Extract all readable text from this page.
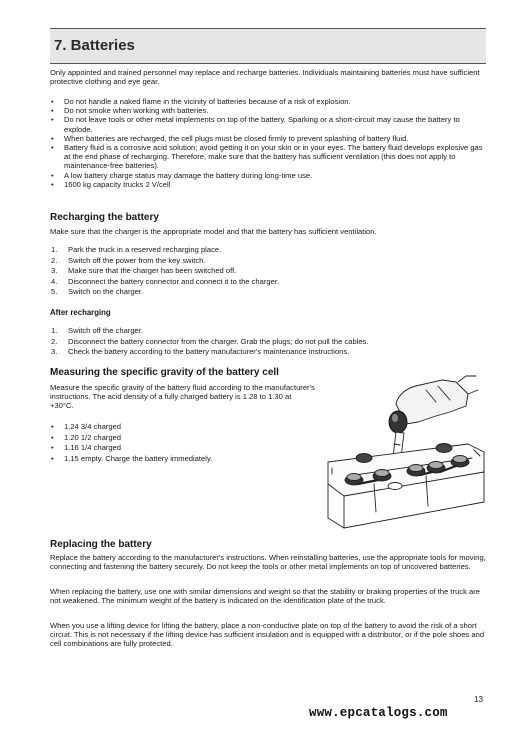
7. Batteries
Only appointed and trained personnel may replace and recharge batteries. Individuals maintaining batteries must have sufficient protective clothing and eye gear.
• Do not handle a naked flame in the vicinity of batteries because of a risk of explosion.
• Do not smoke when working with batteries.
• Do not leave tools or other metal implements on top of the battery. Sparking or a short-circuit may cause the battery to explode.
• When batteries are recharged, the cell plugs must be closed firmly to prevent splashing of battery fluid.
• Battery fluid is a corrosive acid solution; avoid getting it on your skin or in your eyes. The battery fluid develops explosive gas at the end phase of recharging. Therefore, make sure that the battery has sufficient ventilation (this does not apply to maintenance-free batteries).
• A low battery charge status may damage the battery during long-time use.
• 1600 kg capacity trucks 2 V/cell
Recharging the battery
Make sure that the charger is the appropriate model and that the battery has sufficient ventilation.
1. Park the truck in a reserved recharging place.
2. Switch off the power from the key switch.
3. Make sure that the charger has been switched off.
4. Disconnect the battery connector and connect it to the charger.
5. Switch on the charger.
After recharging
1. Switch off the charger.
2. Disconnect the battery connector from the charger. Grab the plugs; do not pull the cables.
3. Check the battery according to the battery manufacturer's maintenance instructions.
Measuring the specific gravity of the battery cell
Measure the specific gravity of the battery fluid according to the manufacturer's instructions. The acid density of a fully charged battery is 1.28 to 1.30 at +30°C.
• 1.24 3/4 charged
• 1.20 1/2 charged
• 1.16 1/4 charged
• 1.15 empty. Charge the battery immediately.
Replacing the battery
Replace the battery according to the manufacturer's instructions. When reinstalling batteries, use the appropriate tools for moving, connecting and fastening the battery securely. Do not keep the tools or other metal implements on top of uncovered batteries.
When replacing the battery, use one with similar dimensions and weight so that the stability or braking properties of the truck are not weakened. The minimum weight of the battery is indicated on the identification plate of the truck.
When you use a lifting device for lifting the battery, place a non-conductive plate on top of the battery to avoid the risk of a short circuit. This is not necessary if the lifting device has sufficient insulation and is equipped with a distributor, or if the pole shoes and cell combinations are fully protected.
13
www.epcatalogs.com
